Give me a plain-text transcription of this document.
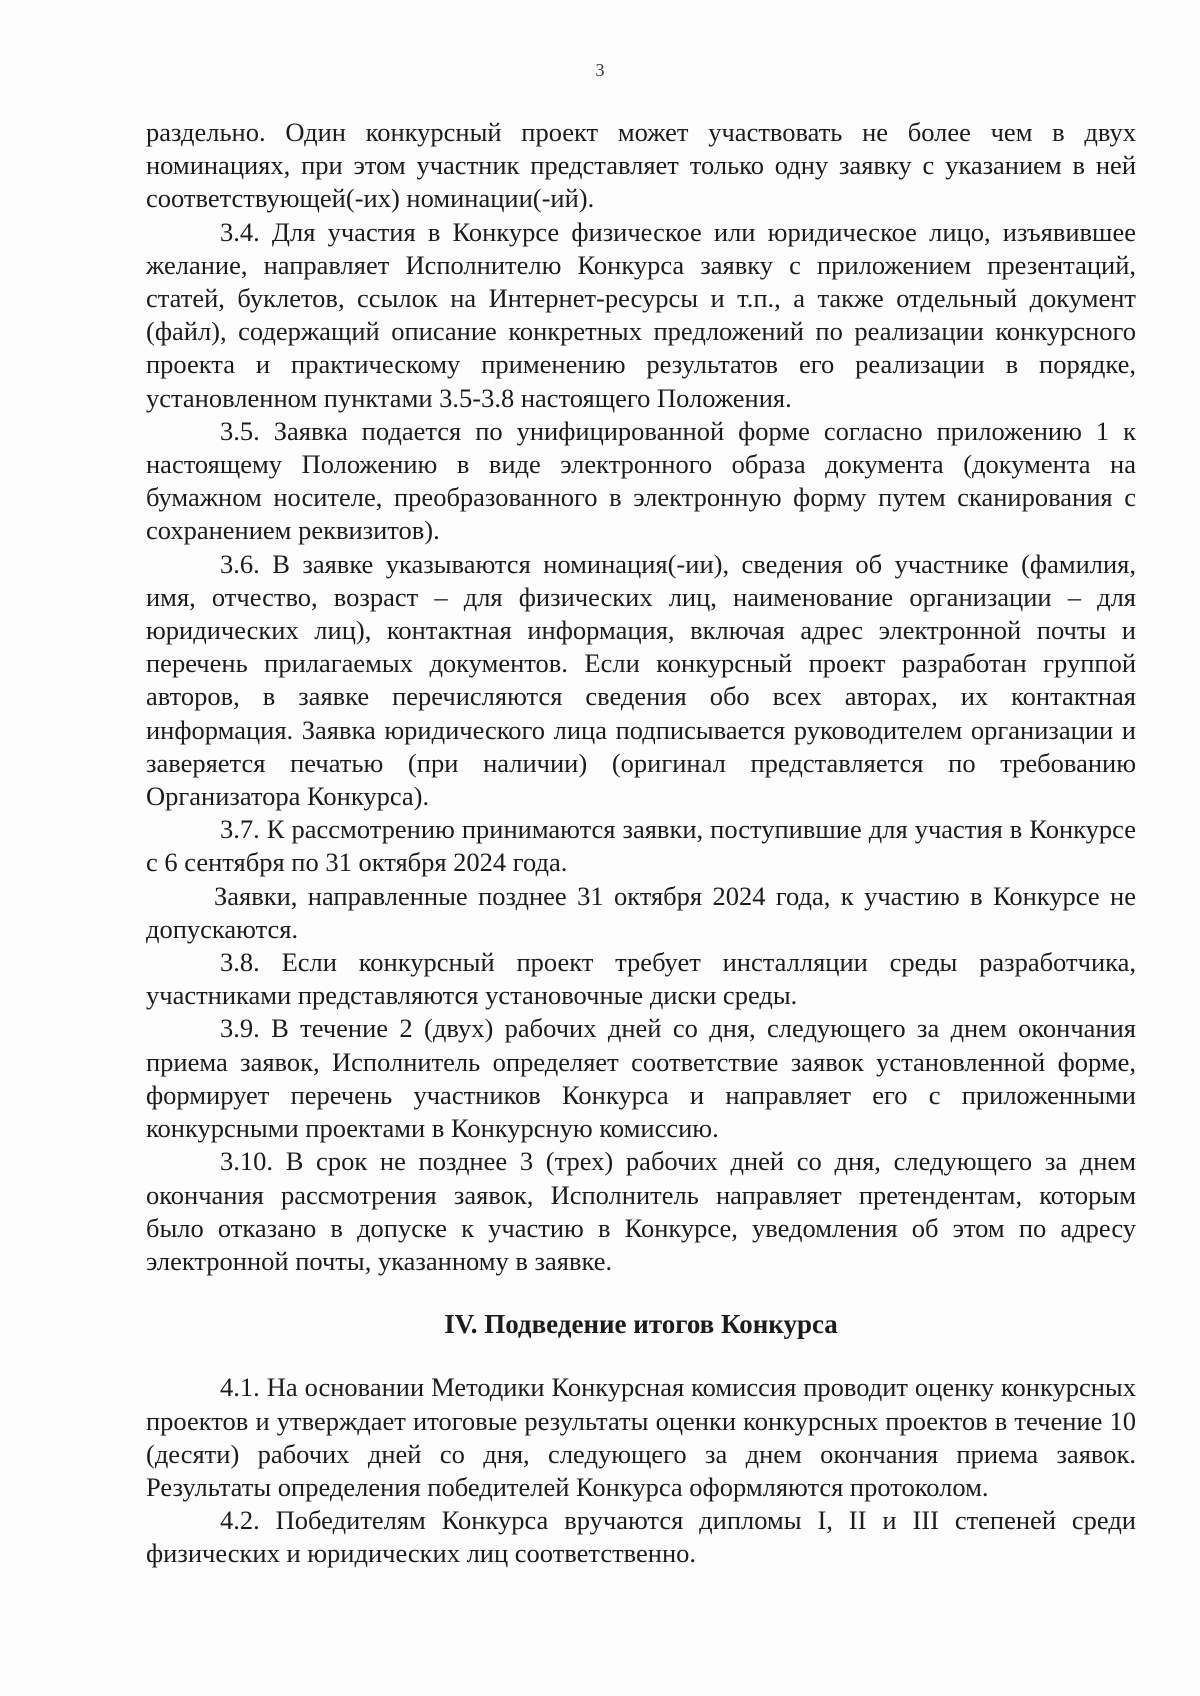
3

раздельно. Один конкурсный проект может участвовать не более чем в двух номинациях, при этом участник представляет только одну заявку с указанием в ней соответствующей(-их) номинации(-ий).

3.4. Для участия в Конкурсе физическое или юридическое лицо, изъявившее желание, направляет Исполнителю Конкурса заявку с приложением презентаций, статей, буклетов, ссылок на Интернет-ресурсы и т.п., а также отдельный документ (файл), содержащий описание конкретных предложений по реализации конкурсного проекта и практическому применению результатов его реализации в порядке, установленном пунктами 3.5-3.8 настоящего Положения.

3.5. Заявка подается по унифицированной форме согласно приложению 1 к настоящему Положению в виде электронного образа документа (документа на бумажном носителе, преобразованного в электронную форму путем сканирования с сохранением реквизитов).

3.6. В заявке указываются номинация(-ии), сведения об участнике (фамилия, имя, отчество, возраст – для физических лиц, наименование организации – для юридических лиц), контактная информация, включая адрес электронной почты и перечень прилагаемых документов. Если конкурсный проект разработан группой авторов, в заявке перечисляются сведения обо всех авторах, их контактная информация. Заявка юридического лица подписывается руководителем организации и заверяется печатью (при наличии) (оригинал представляется по требованию Организатора Конкурса).

3.7. К рассмотрению принимаются заявки, поступившие для участия в Конкурсе с 6 сентября по 31 октября 2024 года.

Заявки, направленные позднее 31 октября 2024 года, к участию в Конкурсе не допускаются.

3.8. Если конкурсный проект требует инсталляции среды разработчика, участниками представляются установочные диски среды.

3.9. В течение 2 (двух) рабочих дней со дня, следующего за днем окончания приема заявок, Исполнитель определяет соответствие заявок установленной форме, формирует перечень участников Конкурса и направляет его с приложенными конкурсными проектами в Конкурсную комиссию.

3.10. В срок не позднее 3 (трех) рабочих дней со дня, следующего за днем окончания рассмотрения заявок, Исполнитель направляет претендентам, которым было отказано в допуске к участию в Конкурсе, уведомления об этом по адресу электронной почты, указанному в заявке.

IV. Подведение итогов Конкурса

4.1. На основании Методики Конкурсная комиссия проводит оценку конкурсных проектов и утверждает итоговые результаты оценки конкурсных проектов в течение 10 (десяти) рабочих дней со дня, следующего за днем окончания приема заявок. Результаты определения победителей Конкурса оформляются протоколом.

4.2. Победителям Конкурса вручаются дипломы I, II и III степеней среди физических и юридических лиц соответственно.
